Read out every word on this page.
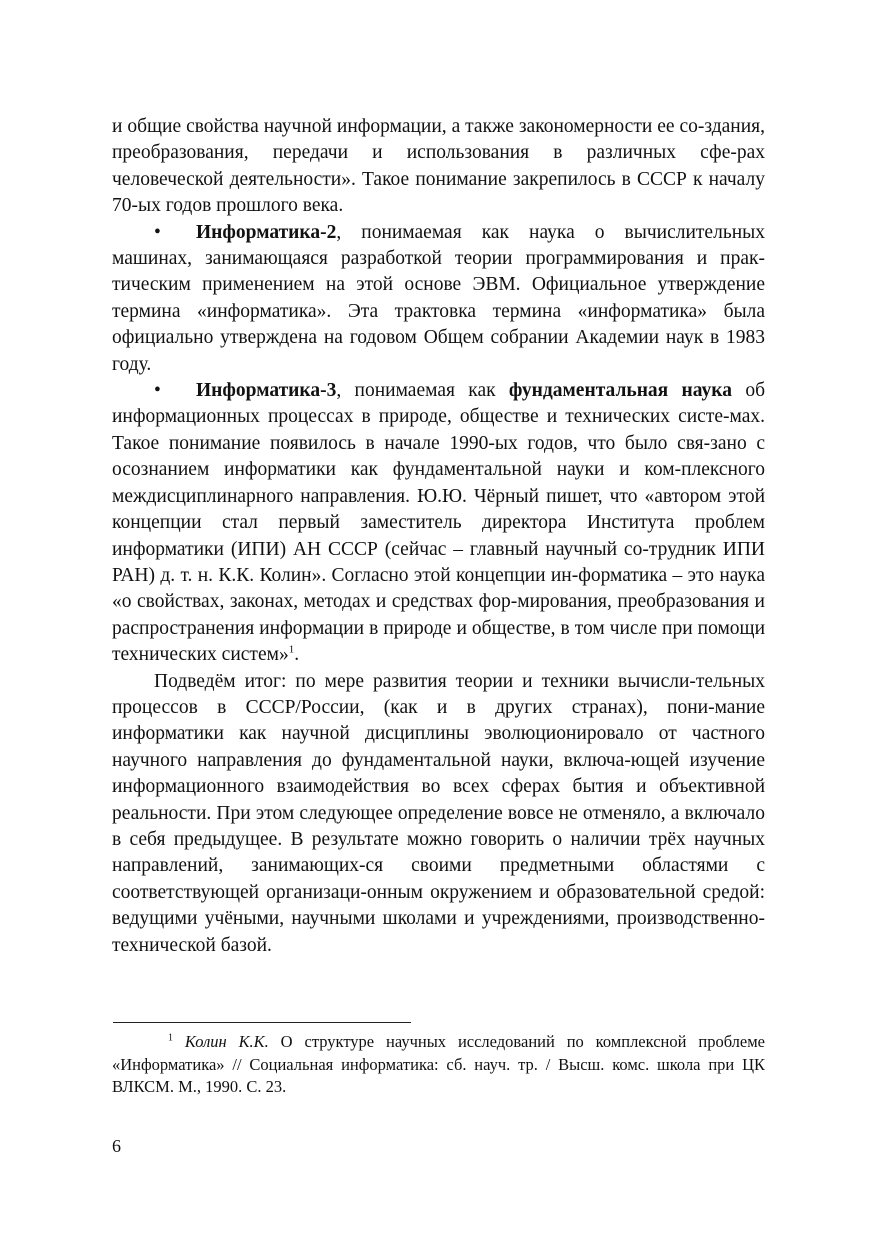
и общие свойства научной информации, а также закономерности ее со-здания, преобразования, передачи и использования в различных сфе-рах человеческой деятельности». Такое понимание закрепилось в СССР к началу 70-ых годов прошлого века.

• Информатика-2, понимаемая как наука о вычислительных машинах, занимающаяся разработкой теории программирования и прак-тическим применением на этой основе ЭВМ. Официальное утверждение термина «информатика». Эта трактовка термина «информатика» была официально утверждена на годовом Общем собрании Академии наук в 1983 году.

• Информатика-3, понимаемая как фундаментальная наука об информационных процессах в природе, обществе и технических систе-мах. Такое понимание появилось в начале 1990-ых годов, что было свя-зано с осознанием информатики как фундаментальной науки и ком-плексного междисциплинарного направления. Ю.Ю. Чёрный пишет, что «автором этой концепции стал первый заместитель директора Института проблем информатики (ИПИ) АН СССР (сейчас – главный научный со-трудник ИПИ РАН) д. т. н. К.К. Колин». Согласно этой концепции ин-форматика – это наука «о свойствах, законах, методах и средствах фор-мирования, преобразования и распространения информации в природе и обществе, в том числе при помощи технических систем»$^1$.

Подведём итог: по мере развития теории и техники вычисли-тельных процессов в СССР/России, (как и в других странах), пони-мание информатики как научной дисциплины эволюционировало от частного научного направления до фундаментальной науки, включа-ющей изучение информационного взаимодействия во всех сферах бытия и объективной реальности. При этом следующее определение вовсе не отменяло, а включало в себя предыдущее. В результате можно говорить о наличии трёх научных направлений, занимающих-ся своими предметными областями с соответствующей организаци-онным окружением и образовательной средой: ведущими учёными, научными школами и учреждениями, производственно-технической базой.

$^1$ Колин К.К. О структуре научных исследований по комплексной проблеме «Информатика» // Социальная информатика: сб. науч. тр. / Высш. комс. школа при ЦК ВЛКСМ. М., 1990. С. 23.

6
